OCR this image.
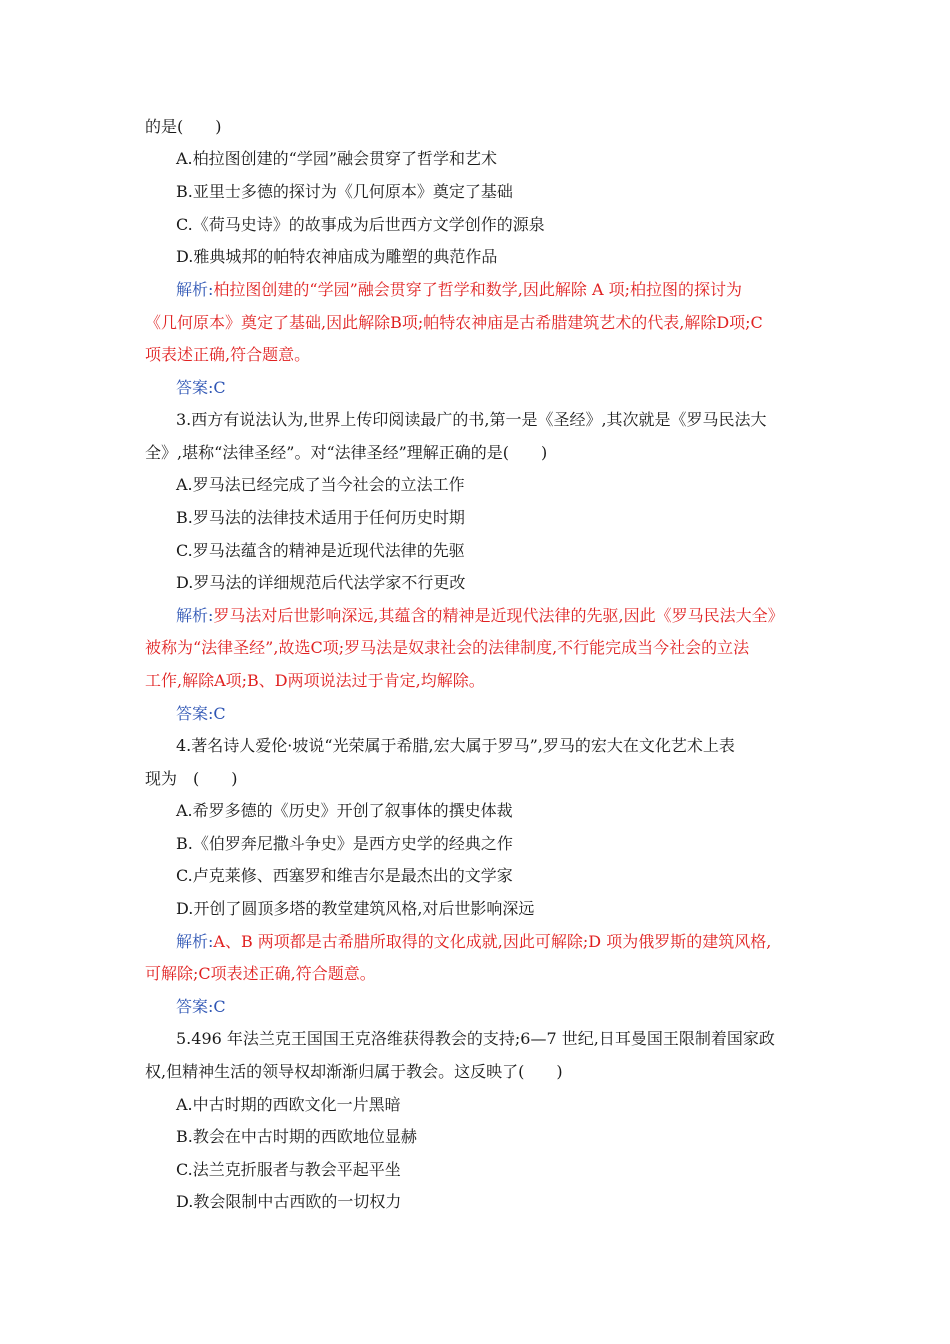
的是(　　)
A.柏拉图创建的“学园”融会贯穿了哲学和艺术
B.亚里士多德的探讨为《几何原本》奠定了基础
C.《荷马史诗》的故事成为后世西方文学创作的源泉
D.雅典城邦的帕特农神庙成为雕塑的典范作品
解析:柏拉图创建的“学园”融会贯穿了哲学和数学,因此解除 A 项;柏拉图的探讨为
《几何原本》奠定了基础,因此解除B项;帕特农神庙是古希腊建筑艺术的代表,解除D项;C
项表述正确,符合题意。
答案:C
3.西方有说法认为,世界上传印阅读最广的书,第一是《圣经》,其次就是《罗马民法大
全》,堪称“法律圣经”。对“法律圣经”理解正确的是(　　)
A.罗马法已经完成了当今社会的立法工作
B.罗马法的法律技术适用于任何历史时期
C.罗马法蕴含的精神是近现代法律的先驱
D.罗马法的详细规范后代法学家不行更改
解析:罗马法对后世影响深远,其蕴含的精神是近现代法律的先驱,因此《罗马民法大全》
被称为“法律圣经”,故选C项;罗马法是奴隶社会的法律制度,不行能完成当今社会的立法
工作,解除A项;B、D两项说法过于肯定,均解除。
答案:C
4.著名诗人爱伦·坡说“光荣属于希腊,宏大属于罗马”,罗马的宏大在文化艺术上表
现为　(　　)
A.希罗多德的《历史》开创了叙事体的撰史体裁
B.《伯罗奔尼撒斗争史》是西方史学的经典之作
C.卢克莱修、西塞罗和维吉尔是最杰出的文学家
D.开创了圆顶多塔的教堂建筑风格,对后世影响深远
解析:A、B 两项都是古希腊所取得的文化成就,因此可解除;D 项为俄罗斯的建筑风格,
可解除;C项表述正确,符合题意。
答案:C
5.496 年法兰克王国国王克洛维获得教会的支持;6—7 世纪,日耳曼国王限制着国家政
权,但精神生活的领导权却渐渐归属于教会。这反映了(　　)
A.中古时期的西欧文化一片黑暗
B.教会在中古时期的西欧地位显赫
C.法兰克折服者与教会平起平坐
D.教会限制中古西欧的一切权力
